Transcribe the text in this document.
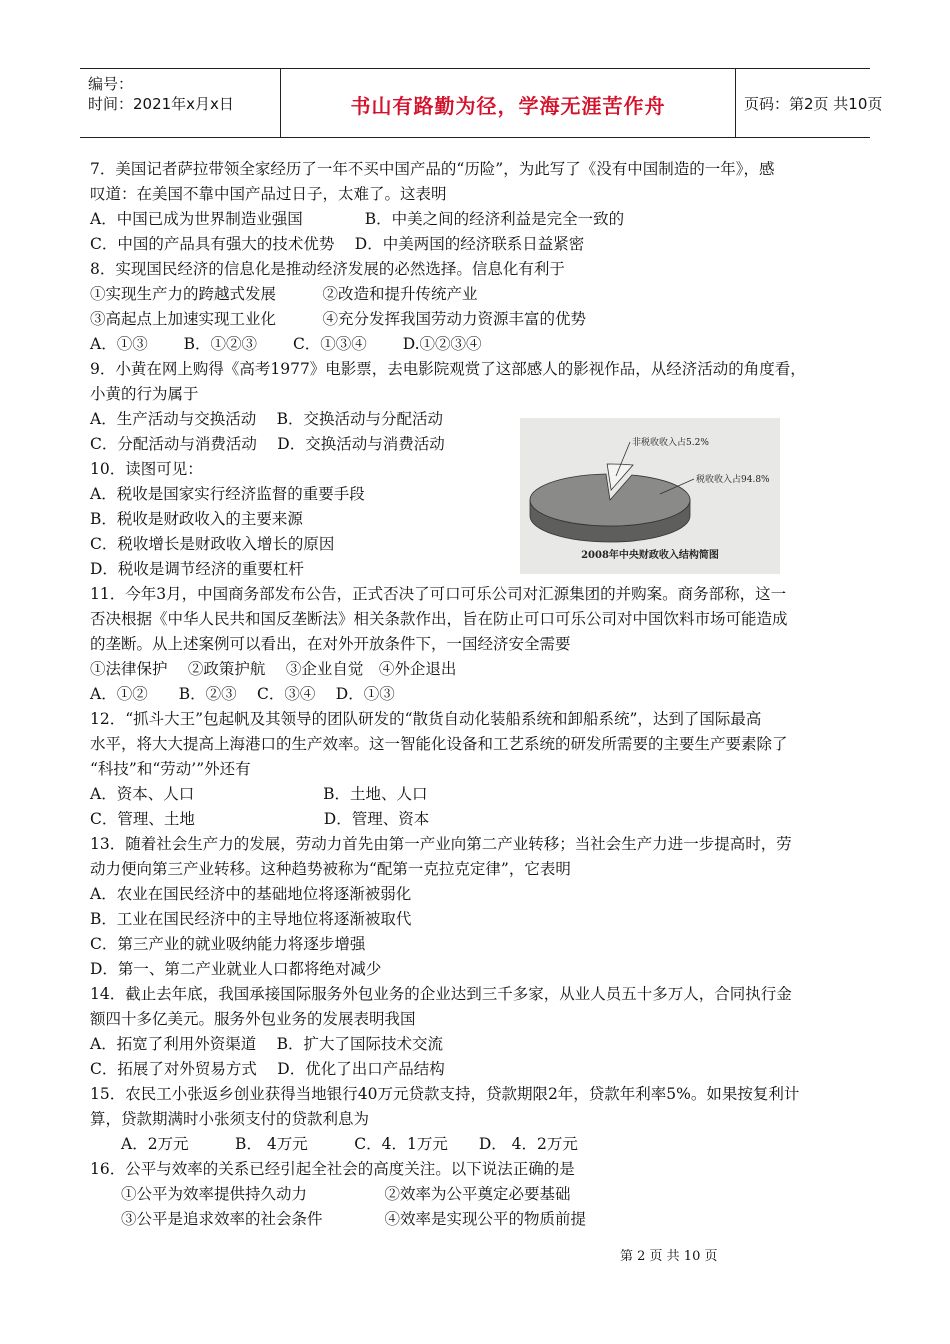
编号：
时间：2021年x月x日	书山有路勤为径，学海无涯苦作舟	页码：第2页 共10页
7．美国记者萨拉带领全家经历了一年不买中国产品的“历险”，为此写了《没有中国制造的一年》，感
叹道：在美国不靠中国产品过日子，太难了。这表明
A．中国已成为世界制造业强国　　　　B．中美之间的经济利益是完全一致的
C．中国的产品具有强大的技术优势　 D．中美两国的经济联系日益紧密
8．实现国民经济的信息化是推动经济发展的必然选择。信息化有利于
①实现生产力的跨越式发展　　　②改造和提升传统产业
③高起点上加速实现工业化　　　④充分发挥我国劳动力资源丰富的优势
A．①③　　 B．①②③　　 C．①③④　　 D.①②③④
9．小黄在网上购得《高考1977》电影票，去电影院观赏了这部感人的影视作品，从经济活动的角度看，
小黄的行为属于
A．生产活动与交换活动　 B．交换活动与分配活动
C．分配活动与消费活动　 D．交换活动与消费活动
10．读图可见：
A．税收是国家实行经济监督的重要手段
B．税收是财政收入的主要来源
C．税收增长是财政收入增长的原因
D．税收是调节经济的重要杠杆
11．今年3月，中国商务部发布公告，正式否决了可口可乐公司对汇源集团的并购案。商务部称，这一
否决根据《中华人民共和国反垄断法》相关条款作出，旨在防止可口可乐公司对中国饮料市场可能造成
的垄断。从上述案例可以看出，在对外开放条件下，一国经济安全需要
①法律保护　 ②政策护航　 ③企业自觉　④外企退出
A．①②　　B．②③　 C．③④　 D．①③
12．“抓斗大王”包起帆及其领导的团队研发的“散货自动化装船系统和卸船系统”，达到了国际最高
水平，将大大提高上海港口的生产效率。这一智能化设备和工艺系统的研发所需要的主要生产要素除了
“科技”和“劳动’”外还有
A．资本、人口　　　　　　　　 B．土地、人口
C．管理、土地　　　　　　　　 D．管理、资本
13．随着社会生产力的发展，劳动力首先由第一产业向第二产业转移；当社会生产力进一步提高时，劳
动力便向第三产业转移。这种趋势被称为“配第一克拉克定律”，它表明
A．农业在国民经济中的基础地位将逐渐被弱化
B．工业在国民经济中的主导地位将逐渐被取代
C．第三产业的就业吸纳能力将逐步增强
D．第一、第二产业就业人口都将绝对减少
14．截止去年底，我国承接国际服务外包业务的企业达到三千多家，从业人员五十多万人，合同执行金
额四十多亿美元。服务外包业务的发展表明我国
A．拓宽了利用外资渠道　 B．扩大了国际技术交流
C．拓展了对外贸易方式　 D．优化了出口产品结构
15．农民工小张返乡创业获得当地银行40万元贷款支持，贷款期限2年，贷款年利率5%。如果按复利计
算，贷款期满时小张须支付的贷款利息为
　　A．2万元　　　B． 4万元　　　C．4．1万元　　D． 4．2万元
16．公平与效率的关系已经引起全社会的高度关注。以下说法正确的是
　　①公平为效率提供持久动力　　　　　②效率为公平奠定必要基础
　　③公平是追求效率的社会条件　　　　④效率是实现公平的物质前提
非税收收入占5.2%
税收收入占94.8%
2008年中央财政收入结构简图
第 2 页 共 10 页
